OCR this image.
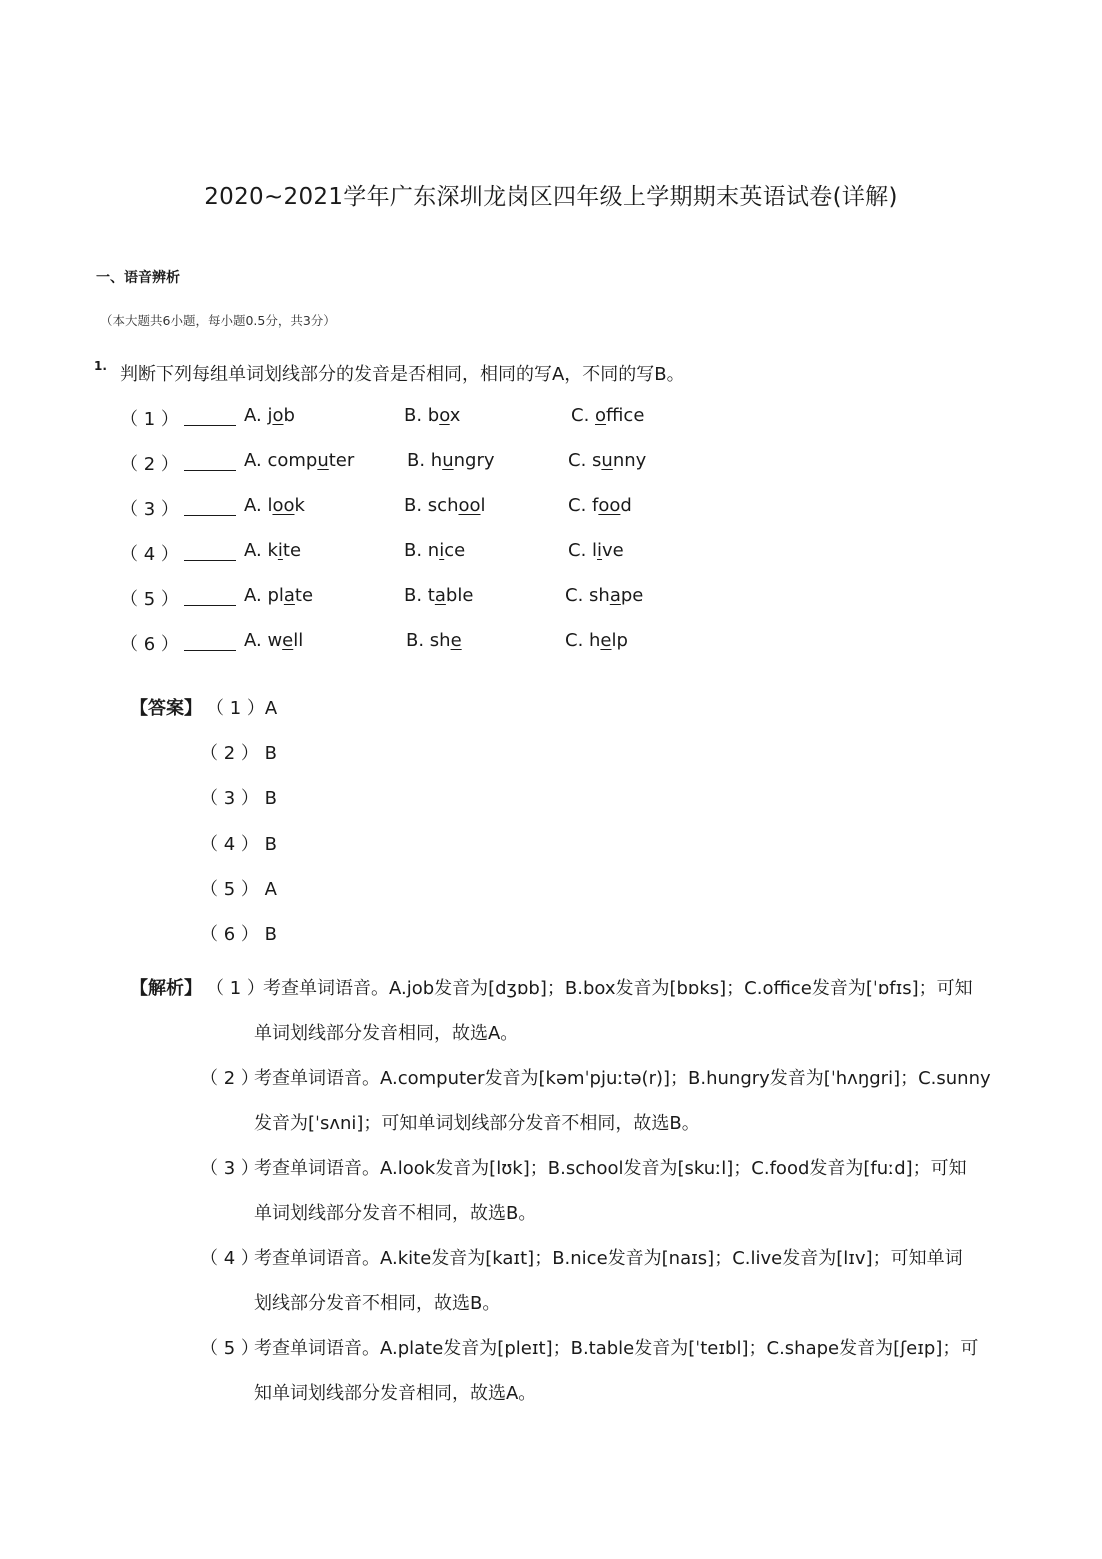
2020~2021学年广东深圳龙岗区四年级上学期期末英语试卷(详解)
一、语音辨析
（本大题共6小题，每小题0.5分，共3分）
1. 判断下列每组单词划线部分的发音是否相同，相同的写A，不同的写B。
（ 1 ）	A. job	B. box	C. office
（ 2 ）	A. computer	B. hungry	C. sunny
（ 3 ）	A. look	B. school	C. food
（ 4 ）	A. kite	B. nice	C. live
（ 5 ）	A. plate	B. table	C. shape
（ 6 ）	A. well	B. she	C. help
【答案】 （ 1 ）A
（ 2 ） B
（ 3 ） B
（ 4 ） B
（ 5 ） A
（ 6 ） B
【解析】 （ 1 ）
考查单词语音。A.job发音为[dʒɒb]；B.box发音为[bɒks]；C.office发音为[ˈɒfɪs]；可知
单词划线部分发音相同，故选A。
（ 2 ）
考查单词语音。A.computer发音为[kəmˈpjuːtə(r)]；B.hungry发音为[ˈhʌŋgri]；C.sunny
发音为[ˈsʌni]；可知单词划线部分发音不相同，故选B。
（ 3 ）
考查单词语音。A.look发音为[lʊk]；B.school发音为[skuːl]；C.food发音为[fuːd]；可知
单词划线部分发音不相同，故选B。
（ 4 ）
考查单词语音。A.kite发音为[kaɪt]；B.nice发音为[naɪs]；C.live发音为[lɪv]；可知单词
划线部分发音不相同，故选B。
（ 5 ）
考查单词语音。A.plate发音为[pleɪt]；B.table发音为[ˈteɪbl]；C.shape发音为[ʃeɪp]；可
知单词划线部分发音相同，故选A。
